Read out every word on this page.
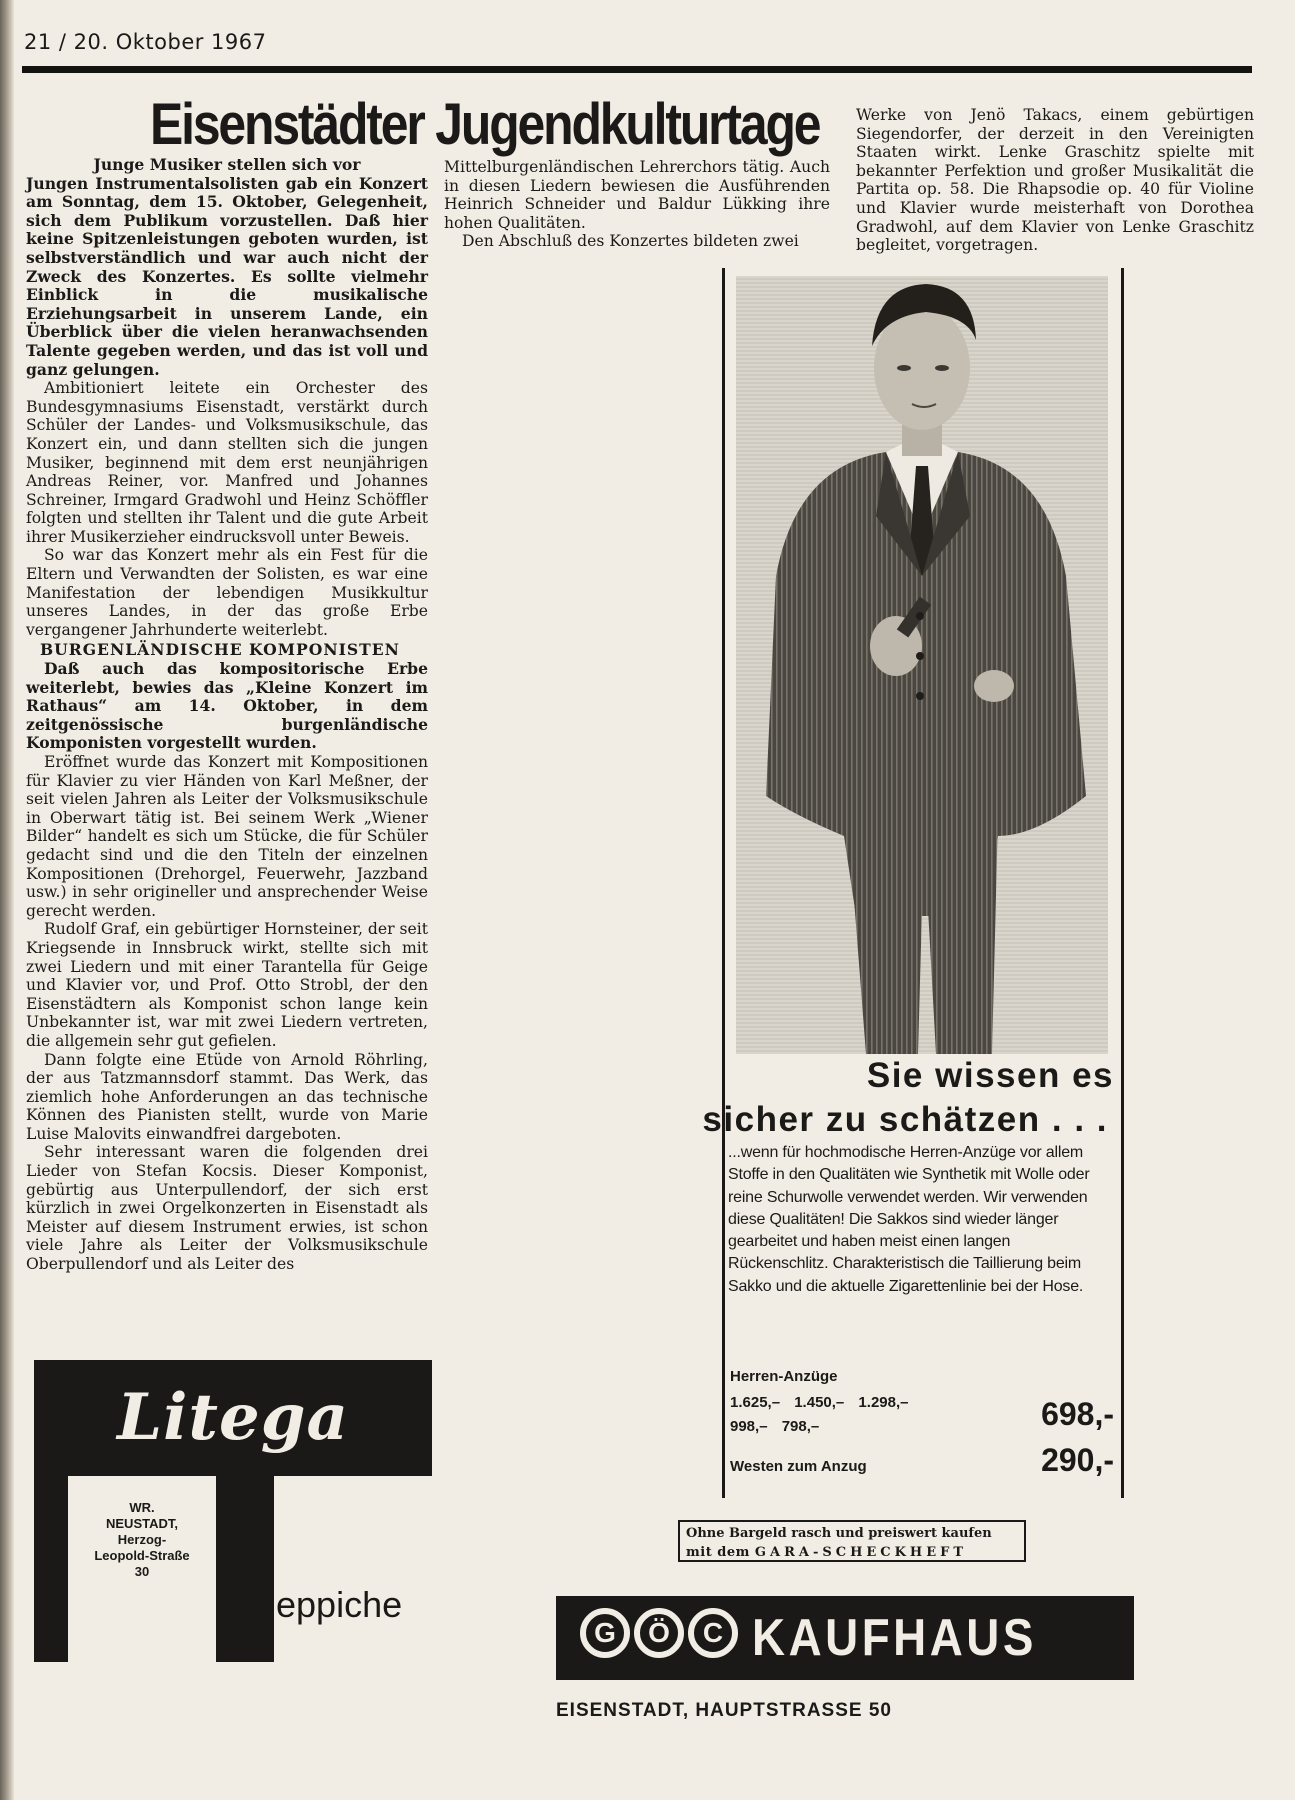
21 / 20. Oktober 1967
Eisenstädter Jugendkulturtage

Junge Musiker stellen sich vor

Jungen Instrumentalsolisten gab ein Konzert am Sonntag, dem 15. Oktober, Gelegenheit, sich dem Publikum vorzustellen. Daß hier keine Spitzenleistungen geboten wurden, ist selbstverständlich und war auch nicht der Zweck des Konzertes. Es sollte vielmehr Einblick in die musikalische Erziehungsarbeit in unserem Lande, ein Überblick über die vielen heranwachsenden Talente gegeben werden, und das ist voll und ganz gelungen.

Ambitioniert leitete ein Orchester des Bundesgymnasiums Eisenstadt, verstärkt durch Schüler der Landes- und Volksmusikschule, das Konzert ein, und dann stellten sich die jungen Musiker, beginnend mit dem erst neunjährigen Andreas Reiner, vor. Manfred und Johannes Schreiner, Irmgard Gradwohl und Heinz Schöffler folgten und stellten ihr Talent und die gute Arbeit ihrer Musikerzieher eindrucksvoll unter Beweis.

So war das Konzert mehr als ein Fest für die Eltern und Verwandten der Solisten, es war eine Manifestation der lebendigen Musikkultur unseres Landes, in der das große Erbe vergangener Jahrhunderte weiterlebt.

BURGENLÄNDISCHE KOMPONISTEN

Daß auch das kompositorische Erbe weiterlebt, bewies das „Kleine Konzert im Rathaus“ am 14. Oktober, in dem zeitgenössische burgenländische Komponisten vorgestellt wurden.

Eröffnet wurde das Konzert mit Kompositionen für Klavier zu vier Händen von Karl Meßner, der seit vielen Jahren als Leiter der Volksmusikschule in Oberwart tätig ist. Bei seinem Werk „Wiener Bilder“ handelt es sich um Stücke, die für Schüler gedacht sind und die den Titeln der einzelnen Kompositionen (Drehorgel, Feuerwehr, Jazzband usw.) in sehr origineller und ansprechender Weise gerecht werden.

Rudolf Graf, ein gebürtiger Hornsteiner, der seit Kriegsende in Innsbruck wirkt, stellte sich mit zwei Liedern und mit einer Tarantella für Geige und Klavier vor, und Prof. Otto Strobl, der den Eisenstädtern als Komponist schon lange kein Unbekannter ist, war mit zwei Liedern vertreten, die allgemein sehr gut gefielen.

Dann folgte eine Etüde von Arnold Röhrling, der aus Tatzmannsdorf stammt. Das Werk, das ziemlich hohe Anforderungen an das technische Können des Pianisten stellt, wurde von Marie Luise Malovits einwandfrei dargeboten.

Sehr interessant waren die folgenden drei Lieder von Stefan Kocsis. Dieser Komponist, gebürtig aus Unterpullendorf, der sich erst kürzlich in zwei Orgelkonzerten in Eisenstadt als Meister auf diesem Instrument erwies, ist schon viele Jahre als Leiter der Volksmusikschule Oberpullendorf und als Leiter des

Mittelburgenländischen Lehrerchors tätig. Auch in diesen Liedern bewiesen die Ausführenden Heinrich Schneider und Baldur Lükking ihre hohen Qualitäten.

Den Abschluß des Konzertes bildeten zwei

Werke von Jenö Takacs, einem gebürtigen Siegendorfer, der derzeit in den Vereinigten Staaten wirkt. Lenke Graschitz spielte mit bekannter Perfektion und großer Musikalität die Partita op. 58. Die Rhapsodie op. 40 für Violine und Klavier wurde meisterhaft von Dorothea Gradwohl, auf dem Klavier von Lenke Graschitz begleitet, vorgetragen.

Litega
WR.
NEUSTADT,
Herzog-
Leopold-Straße
30
eppiche
Sie wissen es
sicher zu schätzen . . .
...wenn für hochmodische Herren-Anzüge vor allem Stoffe in den Qualitäten wie Synthetik mit Wolle oder reine Schurwolle verwendet werden. Wir verwenden diese Qualitäten! Die Sakkos sind wieder länger gearbeitet und haben meist einen langen Rückenschlitz. Charakteristisch die Taillierung beim Sakko und die aktuelle Zigarettenlinie bei der Hose.
Herren-Anzüge
1.625,– 1.450,– 1.298,–
998,– 798,–	698,-
Westen zum Anzug	290,-
Ohne Bargeld rasch und preiswert kaufen
mit dem GARA-SCHECKHEFT
G Ö C KAUFHAUS
EISENSTADT, HAUPTSTRASSE 50
